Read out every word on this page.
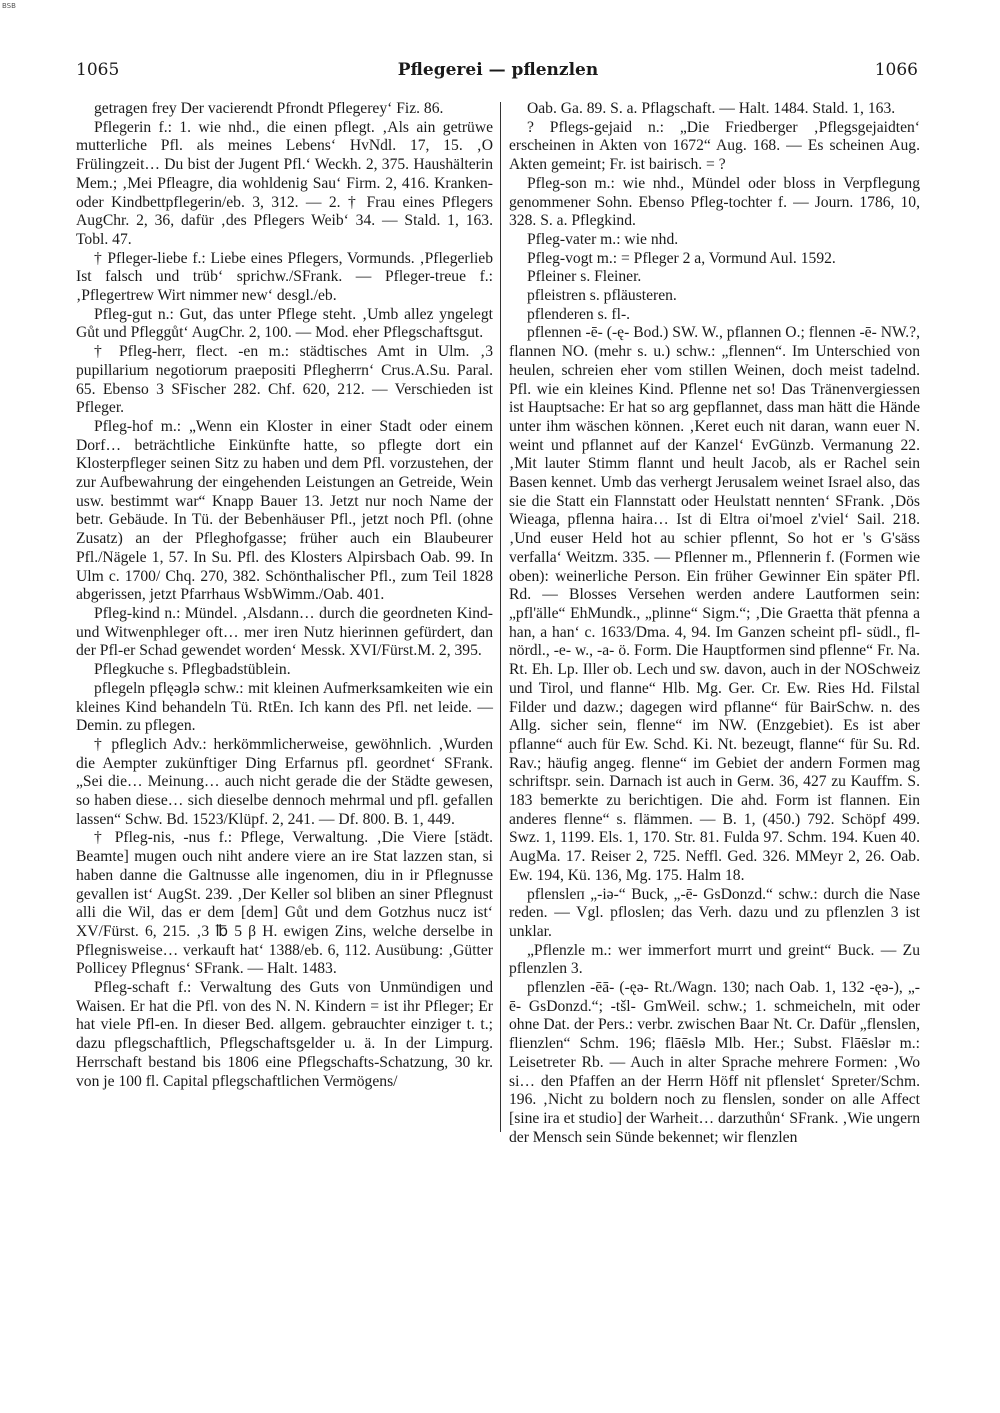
BSB
1065	Pflegerei — pflenzlen	1066

getragen frey Der vacierendt Pfrondt Pflegerey‘ Fiz. 86.

Pflegerin f.: 1. wie nhd., die einen pflegt. ‚Als ain getrüwe mutterliche Pfl. als meines Lebens‘ HvNdl. 17, 15. ‚O Frülingzeit… Du bist der Jugent Pfl.‘ Weckh. 2, 375. Haushälterin Mem.; ‚Mei Pfleagre, dia wohldenig Sau‘ Firm. 2, 416. Kranken- oder Kindbettpflegerin/eb. 3, 312. — 2. † Frau eines Pflegers AugChr. 2, 36, dafür ‚des Pflegers Weib‘ 34. — Stald. 1, 163. Tobl. 47.

† Pfleger-liebe f.: Liebe eines Pflegers, Vormunds. ‚Pflegerlieb Ist falsch und trüb‘ sprichw./SFrank. — Pfleger-treue f.: ‚Pflegertrew Wirt nimmer new‘ desgl./eb.

Pfleg-gut n.: Gut, das unter Pflege steht. ‚Umb allez yngelegt Gůt und Pfleggůt‘ AugChr. 2, 100. — Mod. eher Pflegschaftsgut.

† Pfleg-herr, flect. -en m.: städtisches Amt in Ulm. ‚3 pupillarium negotiorum praepositi Pflegherrn‘ Crus.A.Su. Paral. 65. Ebenso 3 SFischer 282. Chf. 620, 212. — Verschieden ist Pfleger.

Pfleg-hof m.: „Wenn ein Kloster in einer Stadt oder einem Dorf… beträchtliche Einkünfte hatte, so pflegte dort ein Klosterpfleger seinen Sitz zu haben und dem Pfl. vorzustehen, der zur Aufbewahrung der eingehenden Leistungen an Getreide, Wein usw. bestimmt war“ Knapp Bauer 13. Jetzt nur noch Name der betr. Gebäude. In Tü. der Bebenhäuser Pfl., jetzt noch Pfl. (ohne Zusatz) an der Pfleghofgasse; früher auch ein Blaubeurer Pfl./Nägele 1, 57. In Su. Pfl. des Klosters Alpirsbach Oab. 99. In Ulm c. 1700/ Chq. 270, 382. Schönthalischer Pfl., zum Teil 1828 abgerissen, jetzt Pfarrhaus WsbWimm./Oab. 401.

Pfleg-kind n.: Mündel. ‚Alsdann… durch die geordneten Kind- und Witwenphleger oft… mer iren Nutz hierinnen gefürdert, dan der Pfl-er Schad gewendet worden‘ Messk. XVI/Fürst.M. 2, 395.

Pflegkuche s. Pflegbadstüblein.

pflegeln pflęəglə schw.: mit kleinen Aufmerksamkeiten wie ein kleines Kind behandeln Tü. RtEn. Ich kann des Pfl. net leide. — Demin. zu pflegen.

† pfleglich Adv.: herkömmlicherweise, gewöhnlich. ‚Wurden die Aempter zukünftiger Ding Erfarnus pfl. geordnet‘ SFrank. „Sei die… Meinung… auch nicht gerade die der Städte gewesen, so haben diese… sich dieselbe dennoch mehrmal und pfl. gefallen lassen“ Schw. Bd. 1523/Klüpf. 2, 241. — Df. 800. B. 1, 449.

† Pfleg-nis, -nus f.: Pflege, Verwaltung. ‚Die Viere [städt. Beamte] mugen ouch niht andere viere an ire Stat lazzen stan, si haben danne die Galtnusse alle ingenomen, diu in ir Pflegnusse gevallen ist‘ AugSt. 239. ‚Der Keller sol bliben an siner Pflegnust alli die Wil, das er dem [dem] Gůt und dem Gotzhus nucz ist‘ XV/Fürst. 6, 215. ‚3 ℔ 5 β H. ewigen Zins, welche derselbe in Pflegnisweise… verkauft hat‘ 1388/eb. 6, 112. Ausübung: ‚Gütter Pollicey Pflegnus‘ SFrank. — Halt. 1483.

Pfleg-schaft f.: Verwaltung des Guts von Unmündigen und Waisen. Er hat die Pfl. von des N. N. Kindern = ist ihr Pfleger; Er hat viele Pfl-en. In dieser Bed. allgem. gebrauchter einziger t. t.; dazu pflegschaftlich, Pflegschaftsgelder u. ä. In der Limpurg. Herrschaft bestand bis 1806 eine Pflegschafts-Schatzung, 30 kr. von je 100 fl. Capital pflegschaftlichen Vermögens/

Oab. Ga. 89. S. a. Pflagschaft. — Halt. 1484. Stald. 1, 163.

? Pflegs-gejaid n.: „Die Friedberger ‚Pflegsgejaidten‘ erscheinen in Akten von 1672“ Aug. 168. — Es scheinen Aug. Akten gemeint; Fr. ist bairisch. = ?

Pfleg-son m.: wie nhd., Mündel oder bloss in Verpflegung genommener Sohn. Ebenso Pfleg-tochter f. — Journ. 1786, 10, 328. S. a. Pflegkind.

Pfleg-vater m.: wie nhd.

Pfleg-vogt m.: = Pfleger 2 a, Vormund Aul. 1592.

Pfleiner s. Fleiner.

pfleistren s. pfläusteren.

pflenderen s. fl-.

pflennen -ē- (-ę- Bod.) SW. W., pflannen O.; flennen -ē- NW.?, flannen NO. (mehr s. u.) schw.: „flennen“. Im Unterschied von heulen, schreien eher vom stillen Weinen, doch meist tadelnd. Pfl. wie ein kleines Kind. Pflenne net so! Das Tränenvergiessen ist Hauptsache: Er hat so arg gepflannet, dass man hätt die Hände unter ihm wäschen können. ‚Keret euch nit daran, wann euer N. weint und pflannet auf der Kanzel‘ EvGünzb. Vermanung 22. ‚Mit lauter Stimm flannt und heult Jacob, als er Rachel sein Basen kennet. Umb das verhergt Jerusalem weinet Israel also, das sie die Statt ein Flannstatt oder Heulstatt nennten‘ SFrank. ‚Dös Wieaga, pflenna haira… Ist di Eltra oi'moel z'viel‘ Sail. 218. ‚Und euser Held hot au schier pflennt, So hot er 's G'säss verfalla‘ Weitzm. 335. — Pflenner m., Pflennerin f. (Formen wie oben): weinerliche Person. Ein früher Gewinner Ein später Pfl. Rd. — Blosses Versehen werden andere Lautformen sein: „pfl'älle“ EhMundk., „plinne“ Sigm.“; ‚Die Graetta thät pfenna a han, a han‘ c. 1633/Dma. 4, 94. Im Ganzen scheint pfl- südl., fl- nördl., -e- w., -a- ö. Form. Die Hauptformen sind pflenne“ Fr. Na. Rt. Eh. Lp. Iller ob. Lech und sw. davon, auch in der NOSchweiz und Tirol, und flanne“ Hlb. Mg. Ger. Cr. Ew. Ries Hd. Filstal Filder und dazw.; dagegen wird pflanne“ für BairSchw. n. des Allg. sicher sein, flenne“ im NW. (Enzgebiet). Es ist aber pflanne“ auch für Ew. Schd. Ki. Nt. bezeugt, flanne“ für Su. Rd. Rav.; häufig angeg. flenne“ im Gebiet der andern Formen mag schriftspr. sein. Darnach ist auch in Gerм. 36, 427 zu Kauffm. S. 183 bemerkte zu berichtigen. Die ahd. Form ist flannen. Ein anderes flenne“ s. flämmen. — B. 1, (450.) 792. Schöpf 499. Swz. 1, 1199. Els. 1, 170. Str. 81. Fulda 97. Schm. 194. Kuen 40. AugMa. 17. Reiser 2, 725. Neffl. Ged. 326. MMeyr 2, 26. Oab. Ew. 194, Kü. 136, Mg. 175. Halm 18.

pflensleп „-iə-“ Buck, „-ē- GsDonzd.“ schw.: durch die Nase reden. — Vgl. pfloslen; das Verh. dazu und zu pflenzlen 3 ist unklar.

„Pflenzle m.: wer immerfort murrt und greint“ Buck. — Zu pflenzlen 3.

pflenzlen -ēā- (-ęə- Rt./Wagn. 130; nach Oab. 1, 132 -ęə-), „-ē- GsDonzd.“; -tšl- GmWeil. schw.; 1. schmeicheln, mit oder ohne Dat. der Pers.: verbr. zwischen Baar Nt. Cr. Dafür „flenslen, flienzlen“ Schm. 196; flāēslə Mlb. Her.; Subst. Flāēslər m.: Leisetreter Rb. — Auch in alter Sprache mehrere Formen: ‚Wo si… den Pfaffen an der Herrn Höff nit pflenslet‘ Spreter/Schm. 196. ‚Nicht zu boldern noch zu flenslen, sonder on alle Affect [sine ira et studio] der Warheit… darzuthůn‘ SFrank. ‚Wie ungern der Mensch sein Sünde bekennet; wir flenzlen
